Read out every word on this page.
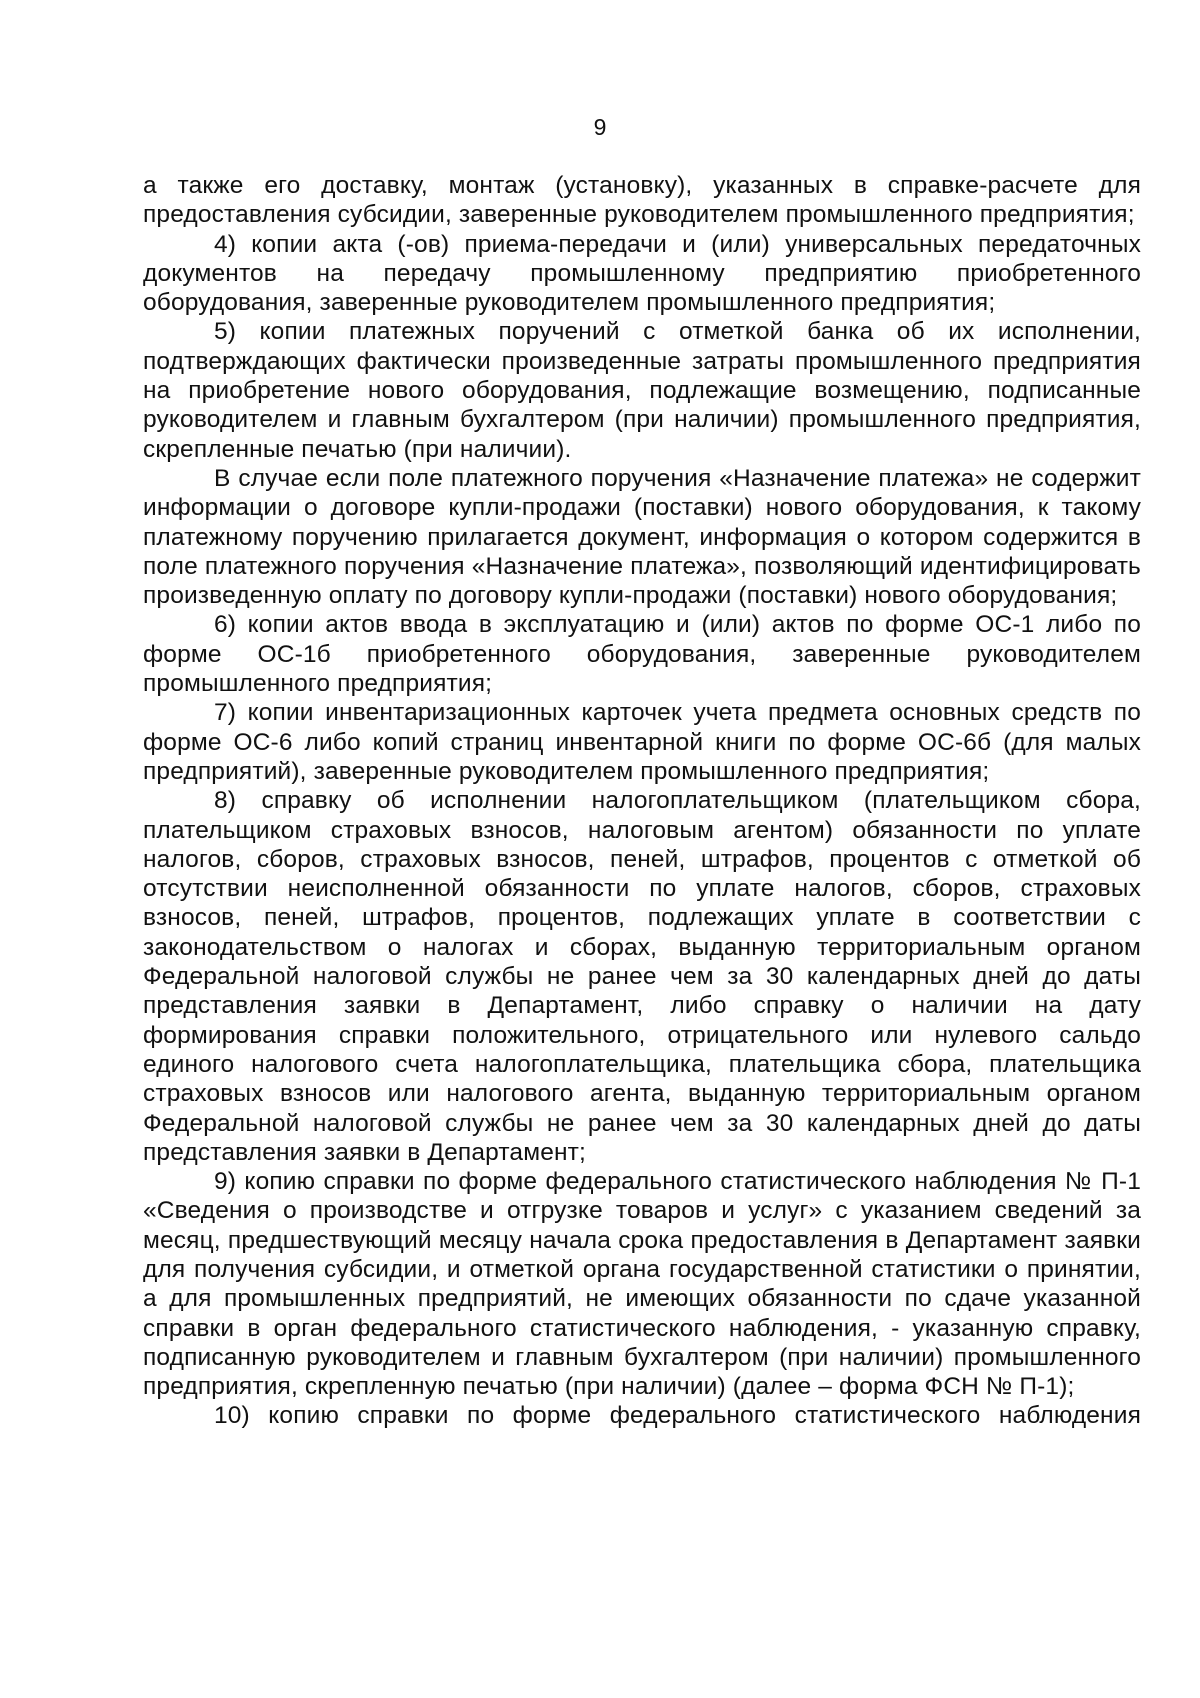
9

а также его доставку, монтаж (установку), указанных в справке-расчете для предоставления субсидии, заверенные руководителем промышленного предприятия;

4) копии акта (-ов) приема-передачи и (или) универсальных передаточных документов на передачу промышленному предприятию приобретенного оборудования, заверенные руководителем промышленного предприятия;

5) копии платежных поручений с отметкой банка об их исполнении, подтверждающих фактически произведенные затраты промышленного предприятия на приобретение нового оборудования, подлежащие возмещению, подписанные руководителем и главным бухгалтером (при наличии) промышленного предприятия, скрепленные печатью (при наличии).

В случае если поле платежного поручения «Назначение платежа» не содержит информации о договоре купли-продажи (поставки) нового оборудования, к такому платежному поручению прилагается документ, информация о котором содержится в поле платежного поручения «Назначение платежа», позволяющий идентифицировать произведенную оплату по договору купли-продажи (поставки) нового оборудования;

6) копии актов ввода в эксплуатацию и (или) актов по форме ОС-1 либо по форме ОС-1б приобретенного оборудования, заверенные руководителем промышленного предприятия;

7) копии инвентаризационных карточек учета предмета основных средств по форме ОС-6 либо копий страниц инвентарной книги по форме ОС-6б (для малых предприятий), заверенные руководителем промышленного предприятия;

8) справку об исполнении налогоплательщиком (плательщиком сбора, плательщиком страховых взносов, налоговым агентом) обязанности по уплате налогов, сборов, страховых взносов, пеней, штрафов, процентов с отметкой об отсутствии неисполненной обязанности по уплате налогов, сборов, страховых взносов, пеней, штрафов, процентов, подлежащих уплате в соответствии с законодательством о налогах и сборах, выданную территориальным органом Федеральной налоговой службы не ранее чем за 30 календарных дней до даты представления заявки в Департамент, либо справку о наличии на дату формирования справки положительного, отрицательного или нулевого сальдо единого налогового счета налогоплательщика, плательщика сбора, плательщика страховых взносов или налогового агента, выданную территориальным органом Федеральной налоговой службы не ранее чем за 30 календарных дней до даты представления заявки в Департамент;

9) копию справки по форме федерального статистического наблюдения № П-1 «Сведения о производстве и отгрузке товаров и услуг» с указанием сведений за месяц, предшествующий месяцу начала срока предоставления в Департамент заявки для получения субсидии, и отметкой органа государственной статистики о принятии, а для промышленных предприятий, не имеющих обязанности по сдаче указанной справки в орган федерального статистического наблюдения, - указанную справку, подписанную руководителем и главным бухгалтером (при наличии) промышленного предприятия, скрепленную печатью (при наличии) (далее – форма ФСН № П-1);

10) копию справки по форме федерального статистического наблюдения
